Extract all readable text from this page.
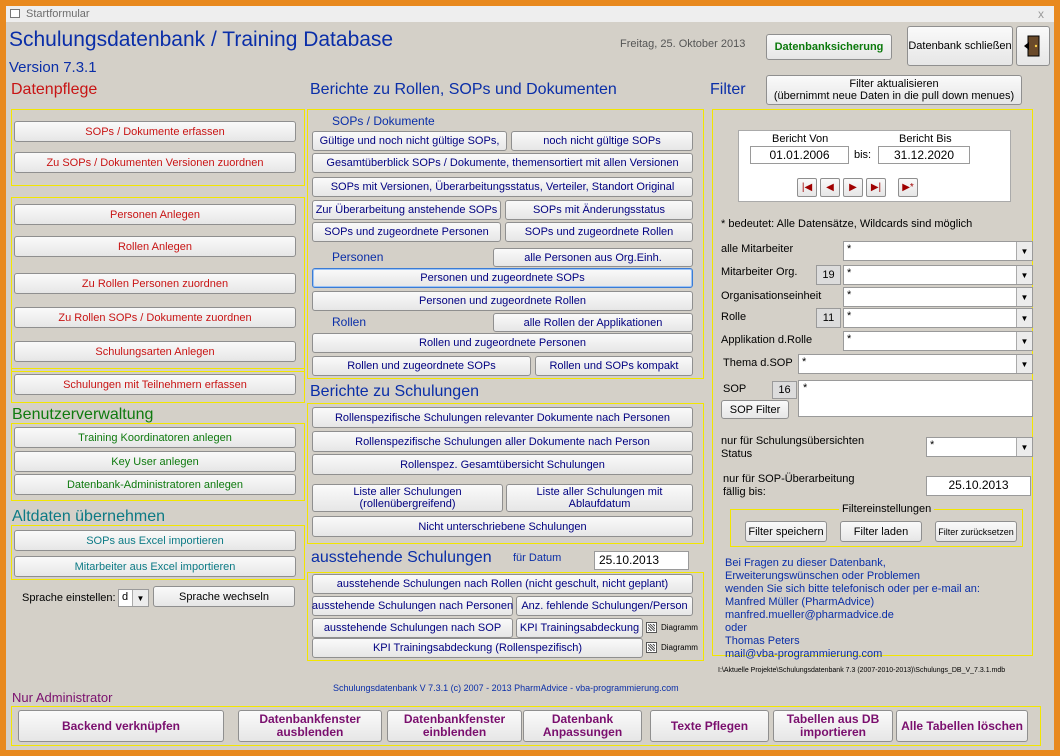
Startformular	x
Schulungsdatenbank / Training Database
Version 7.3.1
Freitag, 25. Oktober 2013	Datenbanksicherung	Datenbank schließen
Datenpflege
SOPs / Dokumente erfassen
Zu SOPs / Dokumenten Versionen zuordnen
Personen Anlegen
Rollen Anlegen
Zu Rollen Personen zuordnen
Zu Rollen SOPs / Dokumente zuordnen
Schulungsarten Anlegen
Schulungen mit Teilnehmern erfassen
Benutzerverwaltung
Training Koordinatoren anlegen
Key User anlegen
Datenbank-Administratoren anlegen
Altdaten übernehmen
SOPs aus Excel importieren
Mitarbeiter aus Excel importieren
Sprache einstellen: d	▼	Sprache wechseln
Berichte zu Rollen, SOPs und Dokumenten
SOPs / Dokumente
Gültige und noch nicht gültige SOPs,	noch nicht gültige SOPs
Gesamtüberblick SOPs / Dokumente, themensortiert mit allen Versionen
SOPs mit Versionen, Überarbeitungsstatus, Verteiler, Standort Original
Zur Überarbeitung anstehende SOPs	SOPs mit Änderungsstatus
SOPs und zugeordnete Personen	SOPs und zugeordnete Rollen
Personen	alle Personen aus Org.Einh.
Personen und zugeordnete SOPs
Personen und zugeordnete Rollen
Rollen	alle Rollen der Applikationen
Rollen und zugeordnete Personen
Rollen und zugeordnete SOPs	Rollen und SOPs kompakt
Berichte zu Schulungen
Rollenspezifische Schulungen relevanter Dokumente nach Personen
Rollenspezifische Schulungen aller Dokumente nach Person
Rollenspez. Gesamtübersicht Schulungen
Liste aller Schulungen
(rollenübergreifend)
Liste aller Schulungen mit
Ablaufdatum
Nicht unterschriebene Schulungen
ausstehende Schulungen für Datum	25.10.2013
ausstehende Schulungen nach Rollen (nicht geschult, nicht geplant)
ausstehende Schulungen nach Personen Anz. fehlende Schulungen/Person
ausstehende Schulungen nach SOP	KPI Trainingsabdeckung	Diagramm
KPI Trainingsabdeckung (Rollenspezifisch)	Diagramm
Filter	Filter aktualisieren
(übernimmt neue Daten in die pull down menues)
Bericht Von	Bericht Bis
01.01.2006	bis:	31.12.2020
|◀	◀	▶	▶|	▶*
* bedeutet: Alle Datensätze, Wildcards sind möglich
alle Mitarbeiter	*	▼
Mitarbeiter Org.	19	*	▼
Organisationseinheit *	▼
Rolle	11	*	▼
Applikation d.Rolle	*	▼
Thema d.SOP *	▼
SOP	16	*
SOP Filter
nur für Schulungsübersichten
Status
*	▼
nur für SOP-Überarbeitung
fällig bis:	25.10.2013
Filtereinstellungen
Filter speichern	Filter laden	Filter zurücksetzen
Bei Fragen zu dieser Datenbank,
Erweiterungswünschen oder Problemen
wenden Sie sich bitte telefonisch oder per e-mail an:
Manfred Müller (PharmAdvice)
manfred.mueller@pharmadvice.de
oder
Thomas Peters
mail@vba-programmierung.com
I:\Aktuelle Projekte\Schulungsdatenbank 7.3 (2007-2010-2013)\Schulungs_DB_V_7.3.1.mdb
Schulungsdatenbank V 7.3.1 (c) 2007 - 2013 PharmAdvice - vba-programmierung.com
Nur Administrator
Backend verknüpfen	Datenbankfenster
ausblenden
Datenbankfenster
einblenden
Datenbank
Anpassungen	Texte Pflegen	Tabellen aus DB
importieren	Alle Tabellen löschen
